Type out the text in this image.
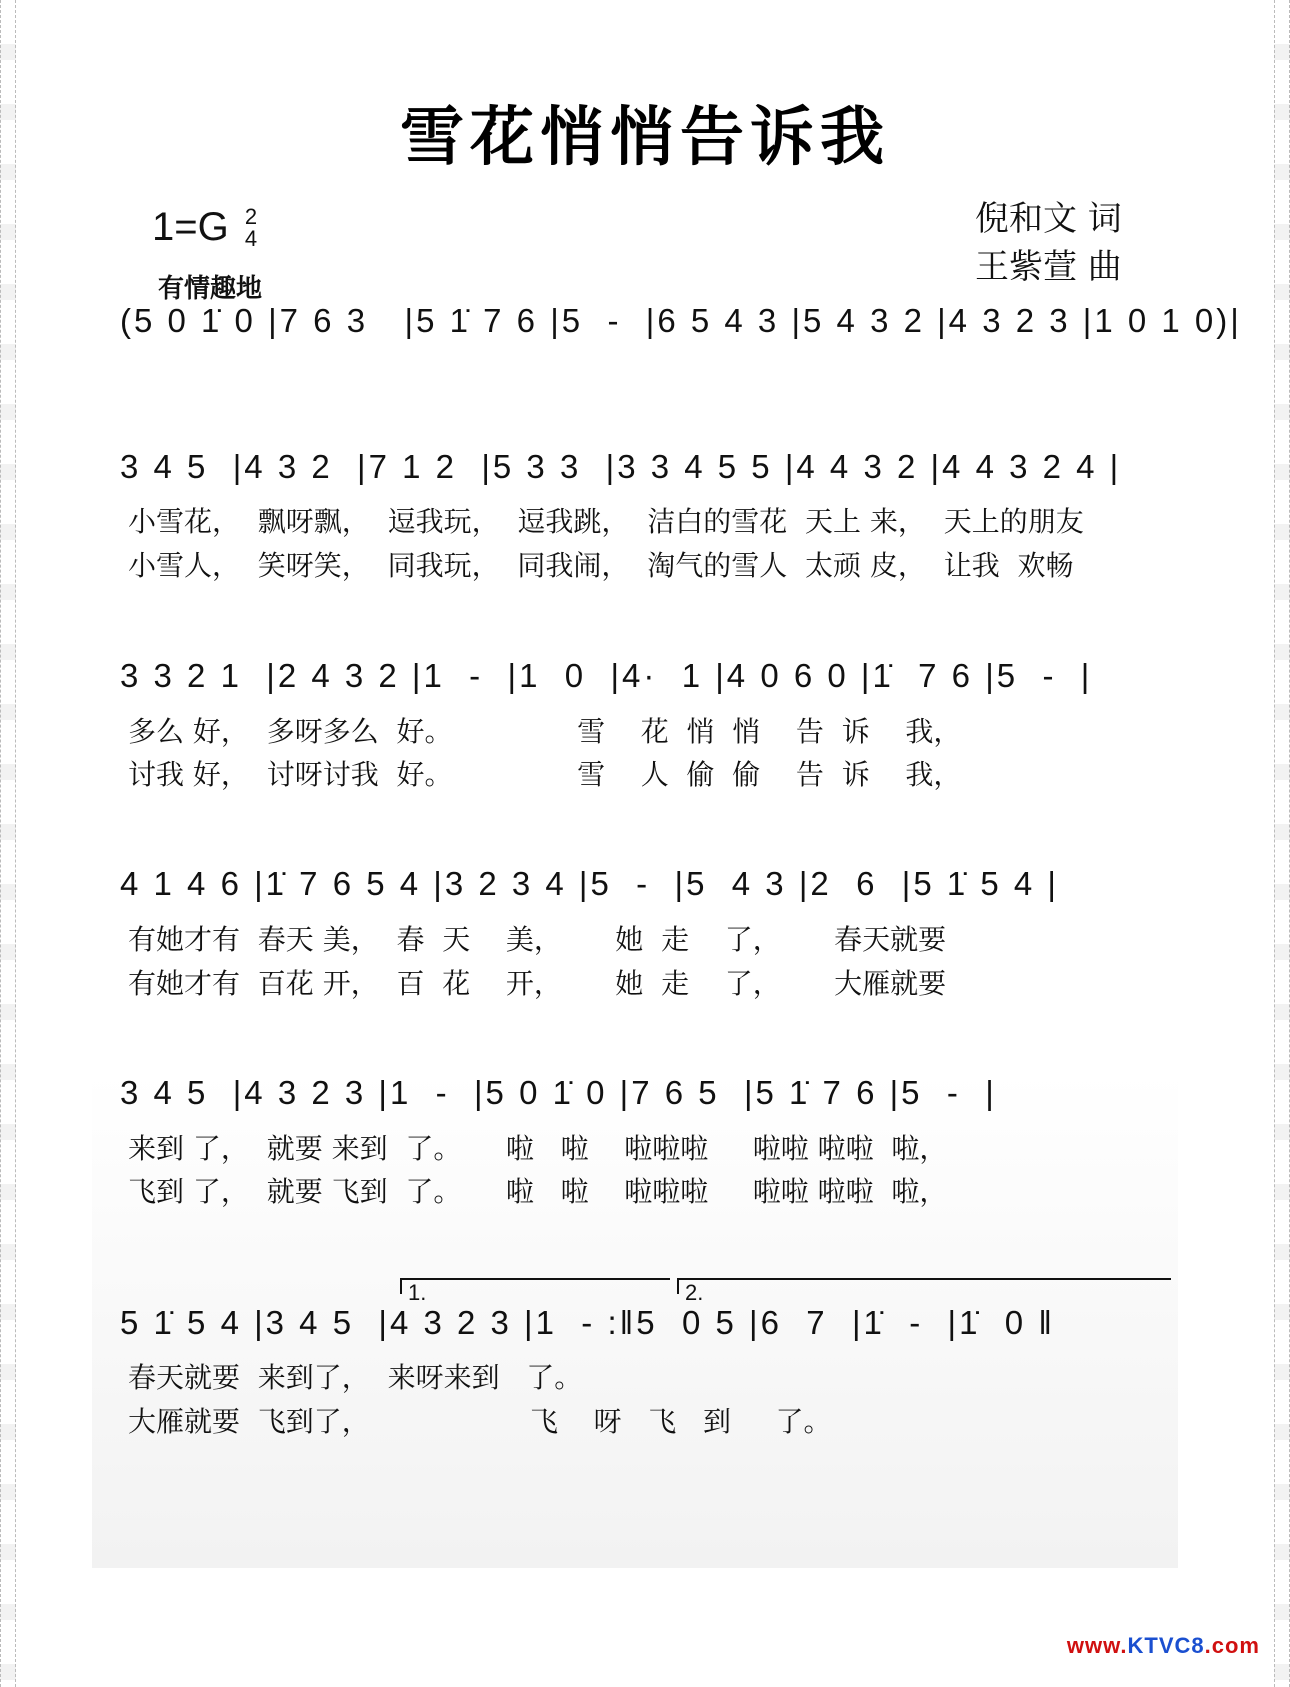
雪花悄悄告诉我
1=G 2
4
有情趣地
倪和文 词
王紫萱 曲
(5 0 1̇ 0 |7 6 3   |5 1̇ 7 6 |5  -  |6 5 4 3 |5 4 3 2 |4 3 2 3 |1 0 1 0)|
3 4 5  |4 3 2  |7 1 2  |5 3 3  |3 3 4 5 5 |4 4 3 2 |4 4 3 2 4 |
小雪花，  飘呀飘，  逗我玩，  逗我跳，  洁白的雪花  天上 来，  天上的朋友
小雪人，  笑呀笑，  同我玩，  同我闹，  淘气的雪人  太顽 皮，  让我  欢畅
3 3 2 1  |2 4 3 2 |1  -  |1  0  |4·  1 |4 0 6 0 |1̇  7 6 |5  -  |
多么 好，  多呀多么  好。              雪    花  悄  悄    告  诉    我，
讨我 好，  讨呀讨我  好。              雪    人  偷  偷    告  诉    我，
4 1 4 6 |1̇ 7 6 5 4 |3 2 3 4 |5  -  |5  4 3 |2  6  |5 1̇ 5 4 |
有她才有  春天 美，  春  天    美，      她  走    了，      春天就要
有她才有  百花 开，  百  花    开，      她  走    了，      大雁就要
3 4 5  |4 3 2 3 |1  -  |5 0 1̇ 0 |7 6 5  |5 1̇ 7 6 |5  -  |
来到 了，  就要 来到  了。     啦   啦    啦啦啦     啦啦 啦啦  啦，
飞到 了，  就要 飞到  了。     啦   啦    啦啦啦     啦啦 啦啦  啦，
1.	2.
5 1̇ 5 4 |3 4 5  |4 3 2 3 |1  - :‖5  0 5 |6  7  |1̇  -  |1̇  0 ‖
春天就要  来到了，  来呀来到   了。
大雁就要  飞到了，                  飞    呀   飞   到     了。
www.KTVC8.com
